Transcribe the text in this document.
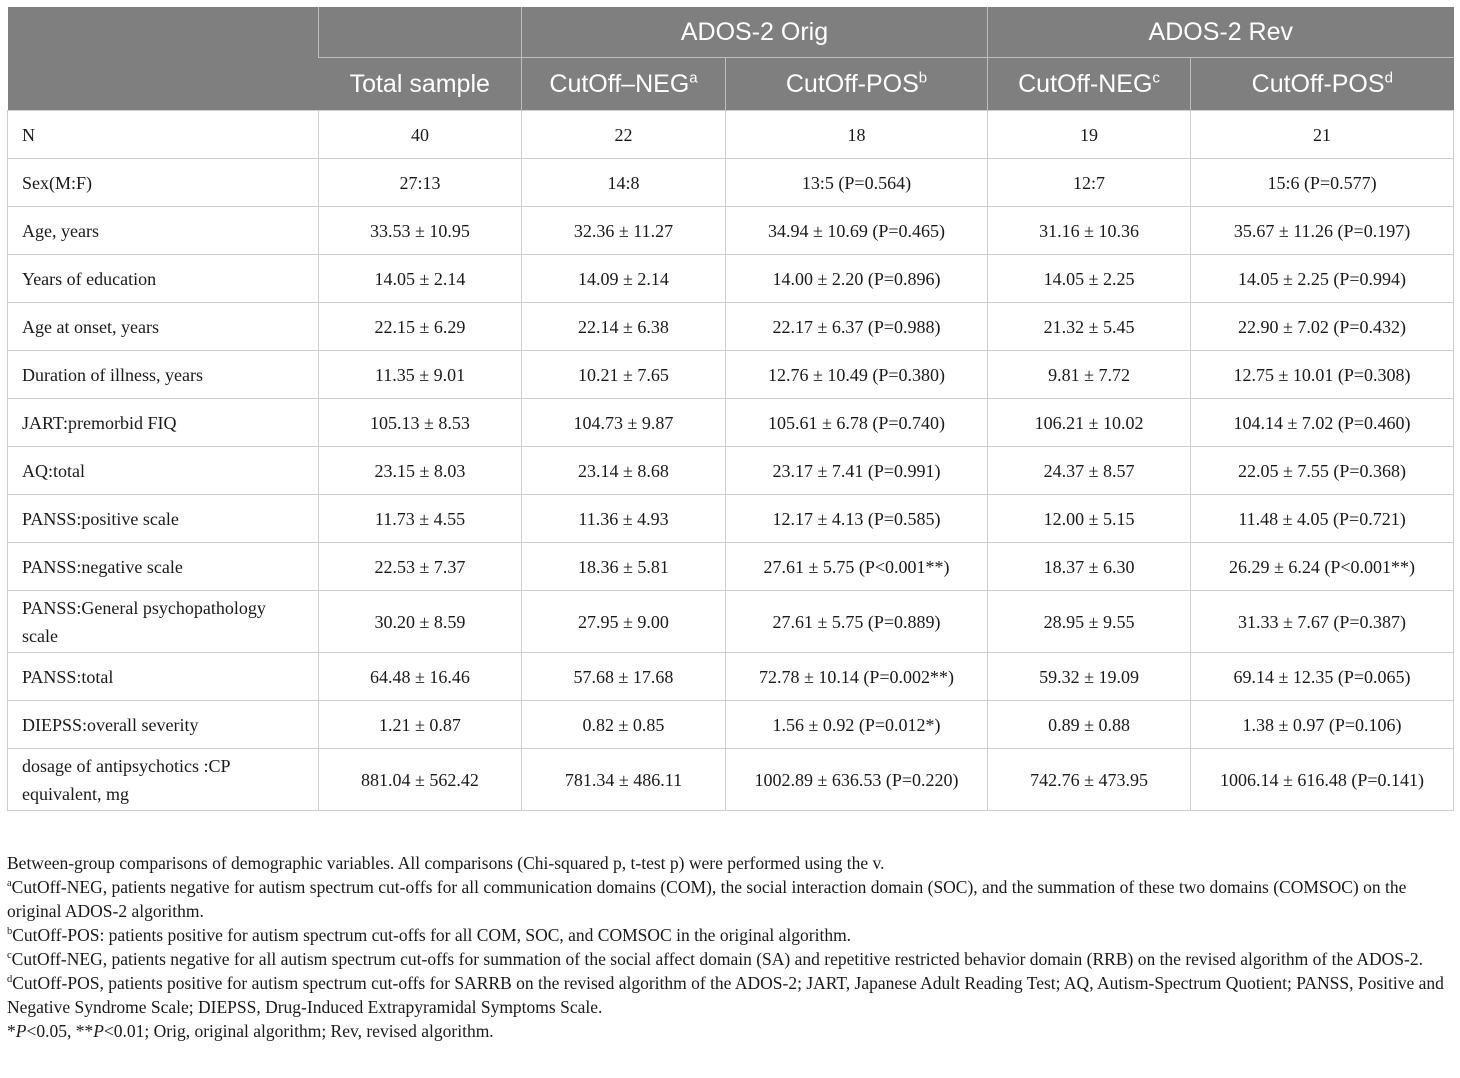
		ADOS-2 Orig		ADOS-2 Rev	
	Total sample	CutOff–NEG$^a$	CutOff-POS$^b$	CutOff-NEG$^c$	CutOff-POS$^d$
N	40	22	18	19	21
Sex(M:F)	27:13	14:8	13:5 (P=0.564)	12:7	15:6 (P=0.577)
Age, years	33.53 ± 10.95	32.36 ± 11.27	34.94 ± 10.69 (P=0.465)	31.16 ± 10.36	35.67 ± 11.26 (P=0.197)
Years of education	14.05 ± 2.14	14.09 ± 2.14	14.00 ± 2.20 (P=0.896)	14.05 ± 2.25	14.05 ± 2.25 (P=0.994)
Age at onset, years	22.15 ± 6.29	22.14 ± 6.38	22.17 ± 6.37 (P=0.988)	21.32 ± 5.45	22.90 ± 7.02 (P=0.432)
Duration of illness, years	11.35 ± 9.01	10.21 ± 7.65	12.76 ± 10.49 (P=0.380)	9.81 ± 7.72	12.75 ± 10.01 (P=0.308)
JART:premorbid FIQ	105.13 ± 8.53	104.73 ± 9.87	105.61 ± 6.78 (P=0.740)	106.21 ± 10.02	104.14 ± 7.02 (P=0.460)
AQ:total	23.15 ± 8.03	23.14 ± 8.68	23.17 ± 7.41 (P=0.991)	24.37 ± 8.57	22.05 ± 7.55 (P=0.368)
PANSS:positive scale	11.73 ± 4.55	11.36 ± 4.93	12.17 ± 4.13 (P=0.585)	12.00 ± 5.15	11.48 ± 4.05 (P=0.721)
PANSS:negative scale	22.53 ± 7.37	18.36 ± 5.81	27.61 ± 5.75 (P<0.001**)	18.37 ± 6.30	26.29 ± 6.24 (P<0.001**)
PANSS:General psychopathology scale	30.20 ± 8.59	27.95 ± 9.00	27.61 ± 5.75 (P=0.889)	28.95 ± 9.55	31.33 ± 7.67 (P=0.387)
PANSS:total	64.48 ± 16.46	57.68 ± 17.68	72.78 ± 10.14 (P=0.002**)	59.32 ± 19.09	69.14 ± 12.35 (P=0.065)
DIEPSS:overall severity	1.21 ± 0.87	0.82 ± 0.85	1.56 ± 0.92 (P=0.012*)	0.89 ± 0.88	1.38 ± 0.97 (P=0.106)
dosage of antipsychotics :CP equivalent, mg	881.04 ± 562.42	781.34 ± 486.11	1002.89 ± 636.53 (P=0.220)	742.76 ± 473.95	1006.14 ± 616.48 (P=0.141)

Between-group comparisons of demographic variables. All comparisons (Chi-squared p, t-test p) were performed using the v.

$^a$CutOff-NEG, patients negative for autism spectrum cut-offs for all communication domains (COM), the social interaction domain (SOC), and the summation of these two domains (COMSOC) on the original ADOS-2 algorithm.

$^b$CutOff-POS: patients positive for autism spectrum cut-offs for all COM, SOC, and COMSOC in the original algorithm.

$^c$CutOff-NEG, patients negative for all autism spectrum cut-offs for summation of the social affect domain (SA) and repetitive restricted behavior domain (RRB) on the revised algorithm of the ADOS-2.

$^d$CutOff-POS, patients positive for autism spectrum cut-offs for SARRB on the revised algorithm of the ADOS-2; JART, Japanese Adult Reading Test; AQ, Autism-Spectrum Quotient; PANSS, Positive and Negative Syndrome Scale; DIEPSS, Drug-Induced Extrapyramidal Symptoms Scale.

*P<0.05, **P<0.01; Orig, original algorithm; Rev, revised algorithm.
